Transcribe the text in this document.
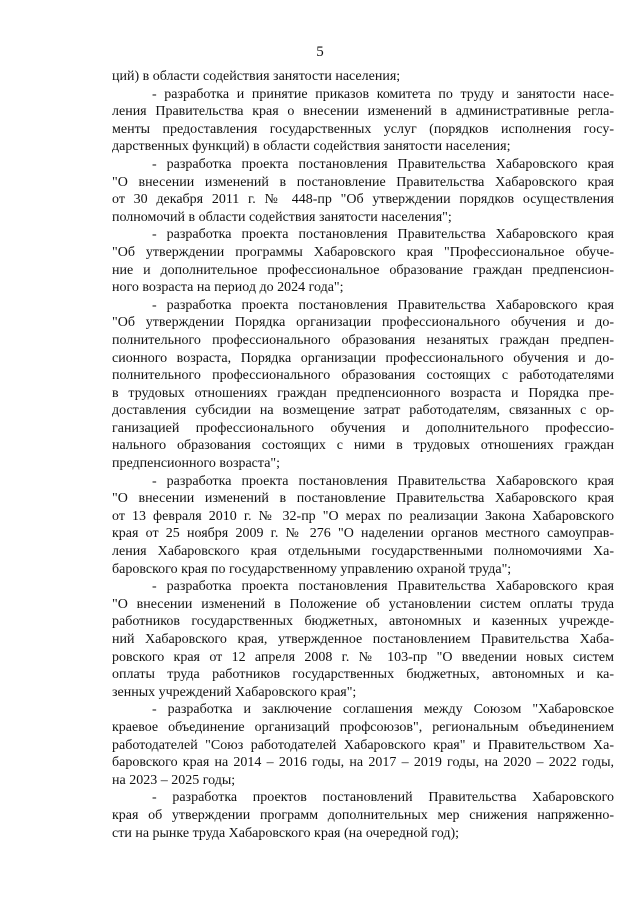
5
ций) в области содействия занятости населения;
- разработка и принятие приказов комитета по труду и занятости насе-
ления Правительства края о внесении изменений в административные регла-
менты предоставления государственных услуг (порядков исполнения госу-
дарственных функций) в области содействия занятости населения;
- разработка проекта постановления Правительства Хабаровского края
"О внесении изменений в постановление Правительства Хабаровского края
от 30 декабря 2011 г. № 448-пр "Об утверждении порядков осуществления
полномочий в области содействия занятости населения";
- разработка проекта постановления Правительства Хабаровского края
"Об утверждении программы Хабаровского края "Профессиональное обуче-
ние и дополнительное профессиональное образование граждан предпенсион-
ного возраста на период до 2024 года";
- разработка проекта постановления Правительства Хабаровского края
"Об утверждении Порядка организации профессионального обучения и до-
полнительного профессионального образования незанятых граждан предпен-
сионного возраста, Порядка организации профессионального обучения и до-
полнительного профессионального образования состоящих с работодателями
в трудовых отношениях граждан предпенсионного возраста и Порядка пре-
доставления субсидии на возмещение затрат работодателям, связанных с ор-
ганизацией профессионального обучения и дополнительного профессио-
нального образования состоящих с ними в трудовых отношениях граждан
предпенсионного возраста";
- разработка проекта постановления Правительства Хабаровского края
"О внесении изменений в постановление Правительства Хабаровского края
от 13 февраля 2010 г. № 32-пр "О мерах по реализации Закона Хабаровского
края от 25 ноября 2009 г. № 276 "О наделении органов местного самоуправ-
ления Хабаровского края отдельными государственными полномочиями Ха-
баровского края по государственному управлению охраной труда";
- разработка проекта постановления Правительства Хабаровского края
"О внесении изменений в Положение об установлении систем оплаты труда
работников государственных бюджетных, автономных и казенных учрежде-
ний Хабаровского края, утвержденное постановлением Правительства Хаба-
ровского края от 12 апреля 2008 г. № 103-пр "О введении новых систем
оплаты труда работников государственных бюджетных, автономных и ка-
зенных учреждений Хабаровского края";
- разработка и заключение соглашения между Союзом "Хабаровское
краевое объединение организаций профсоюзов", региональным объединением
работодателей "Союз работодателей Хабаровского края" и Правительством Ха-
баровского края на 2014 – 2016 годы, на 2017 – 2019 годы, на 2020 – 2022 годы,
на 2023 – 2025 годы;
- разработка проектов постановлений Правительства Хабаровского
края об утверждении программ дополнительных мер снижения напряженно-
сти на рынке труда Хабаровского края (на очередной год);
